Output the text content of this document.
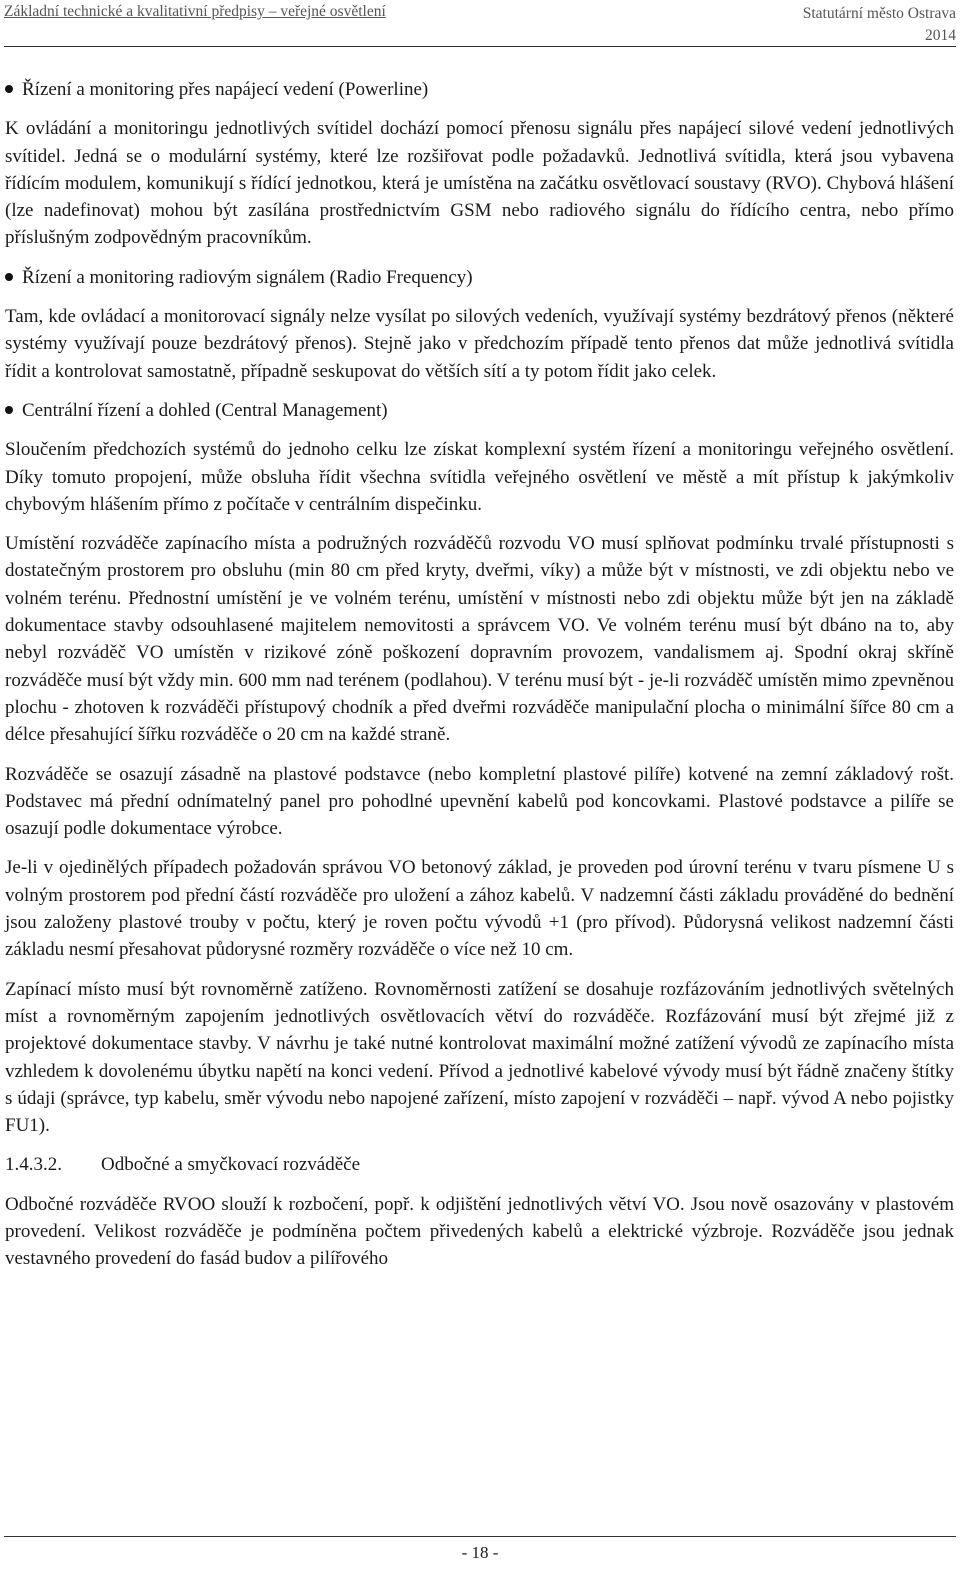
Základní technické a kvalitativní předpisy – veřejné osvětlení	Statutární město Ostrava
2014
Řízení a monitoring přes napájecí vedení (Powerline)

K ovládání a monitoringu jednotlivých svítidel dochází pomocí přenosu signálu přes napájecí silové vedení jednotlivých svítidel. Jedná se o modulární systémy, které lze rozšiřovat podle požadavků. Jednotlivá svítidla, která jsou vybavena řídícím modulem, komunikují s řídící jednotkou, která je umístěna na začátku osvětlovací soustavy (RVO). Chybová hlášení (lze nadefinovat) mohou být zasílána prostřednictvím GSM nebo radiového signálu do řídícího centra, nebo přímo příslušným zodpovědným pracovníkům.

Řízení a monitoring radiovým signálem (Radio Frequency)

Tam, kde ovládací a monitorovací signály nelze vysílat po silových vedeních, využívají systémy bezdrátový přenos (některé systémy využívají pouze bezdrátový přenos). Stejně jako v předchozím případě tento přenos dat může jednotlivá svítidla řídit a kontrolovat samostatně, případně seskupovat do větších sítí a ty potom řídit jako celek.

Centrální řízení a dohled (Central Management)

Sloučením předchozích systémů do jednoho celku lze získat komplexní systém řízení a monitoringu veřejného osvětlení. Díky tomuto propojení, může obsluha řídit všechna svítidla veřejného osvětlení ve městě a mít přístup k jakýmkoliv chybovým hlášením přímo z počítače v centrálním dispečinku.

Umístění rozváděče zapínacího místa a podružných rozváděčů rozvodu VO musí splňovat podmínku trvalé přístupnosti s dostatečným prostorem pro obsluhu (min 80 cm před kryty, dveřmi, víky) a může být v místnosti, ve zdi objektu nebo ve volném terénu. Přednostní umístění je ve volném terénu, umístění v místnosti nebo zdi objektu může být jen na základě dokumentace stavby odsouhlasené majitelem nemovitosti a správcem VO. Ve volném terénu musí být dbáno na to, aby nebyl rozváděč VO umístěn v rizikové zóně poškození dopravním provozem, vandalismem aj. Spodní okraj skříně rozváděče musí být vždy min. 600 mm nad terénem (podlahou). V terénu musí být - je-li rozváděč umístěn mimo zpevněnou plochu - zhotoven k rozváděči přístupový chodník a před dveřmi rozváděče manipulační plocha o minimální šířce 80 cm a délce přesahující šířku rozváděče o 20 cm na každé straně.

Rozváděče se osazují zásadně na plastové podstavce (nebo kompletní plastové pilíře) kotvené na zemní základový rošt. Podstavec má přední odnímatelný panel pro pohodlné upevnění kabelů pod koncovkami. Plastové podstavce a pilíře se osazují podle dokumentace výrobce.

Je-li v ojedinělých případech požadován správou VO betonový základ, je proveden pod úrovní terénu v tvaru písmene U s volným prostorem pod přední částí rozváděče pro uložení a zához kabelů. V nadzemní části základu prováděné do bednění jsou založeny plastové trouby v počtu, který je roven počtu vývodů +1 (pro přívod). Půdorysná velikost nadzemní části základu nesmí přesahovat půdorysné rozměry rozváděče o více než 10 cm.

Zapínací místo musí být rovnoměrně zatíženo. Rovnoměrnosti zatížení se dosahuje rozfázováním jednotlivých světelných míst a rovnoměrným zapojením jednotlivých osvětlovacích větví do rozváděče. Rozfázování musí být zřejmé již z projektové dokumentace stavby. V návrhu je také nutné kontrolovat maximální možné zatížení vývodů ze zapínacího místa vzhledem k dovolenému úbytku napětí na konci vedení. Přívod a jednotlivé kabelové vývody musí být řádně značeny štítky s údaji (správce, typ kabelu, směr vývodu nebo napojené zařízení, místo zapojení v rozváděči – např. vývod A nebo pojistky FU1).

1.4.3.2. Odbočné a smyčkovací rozváděče

Odbočné rozváděče RVOO slouží k rozbočení, popř. k odjištění jednotlivých větví VO. Jsou nově osazovány v plastovém provedení. Velikost rozváděče je podmíněna počtem přivedených kabelů a elektrické výzbroje. Rozváděče jsou jednak vestavného provedení do fasád budov a pilířového

- 18 -
